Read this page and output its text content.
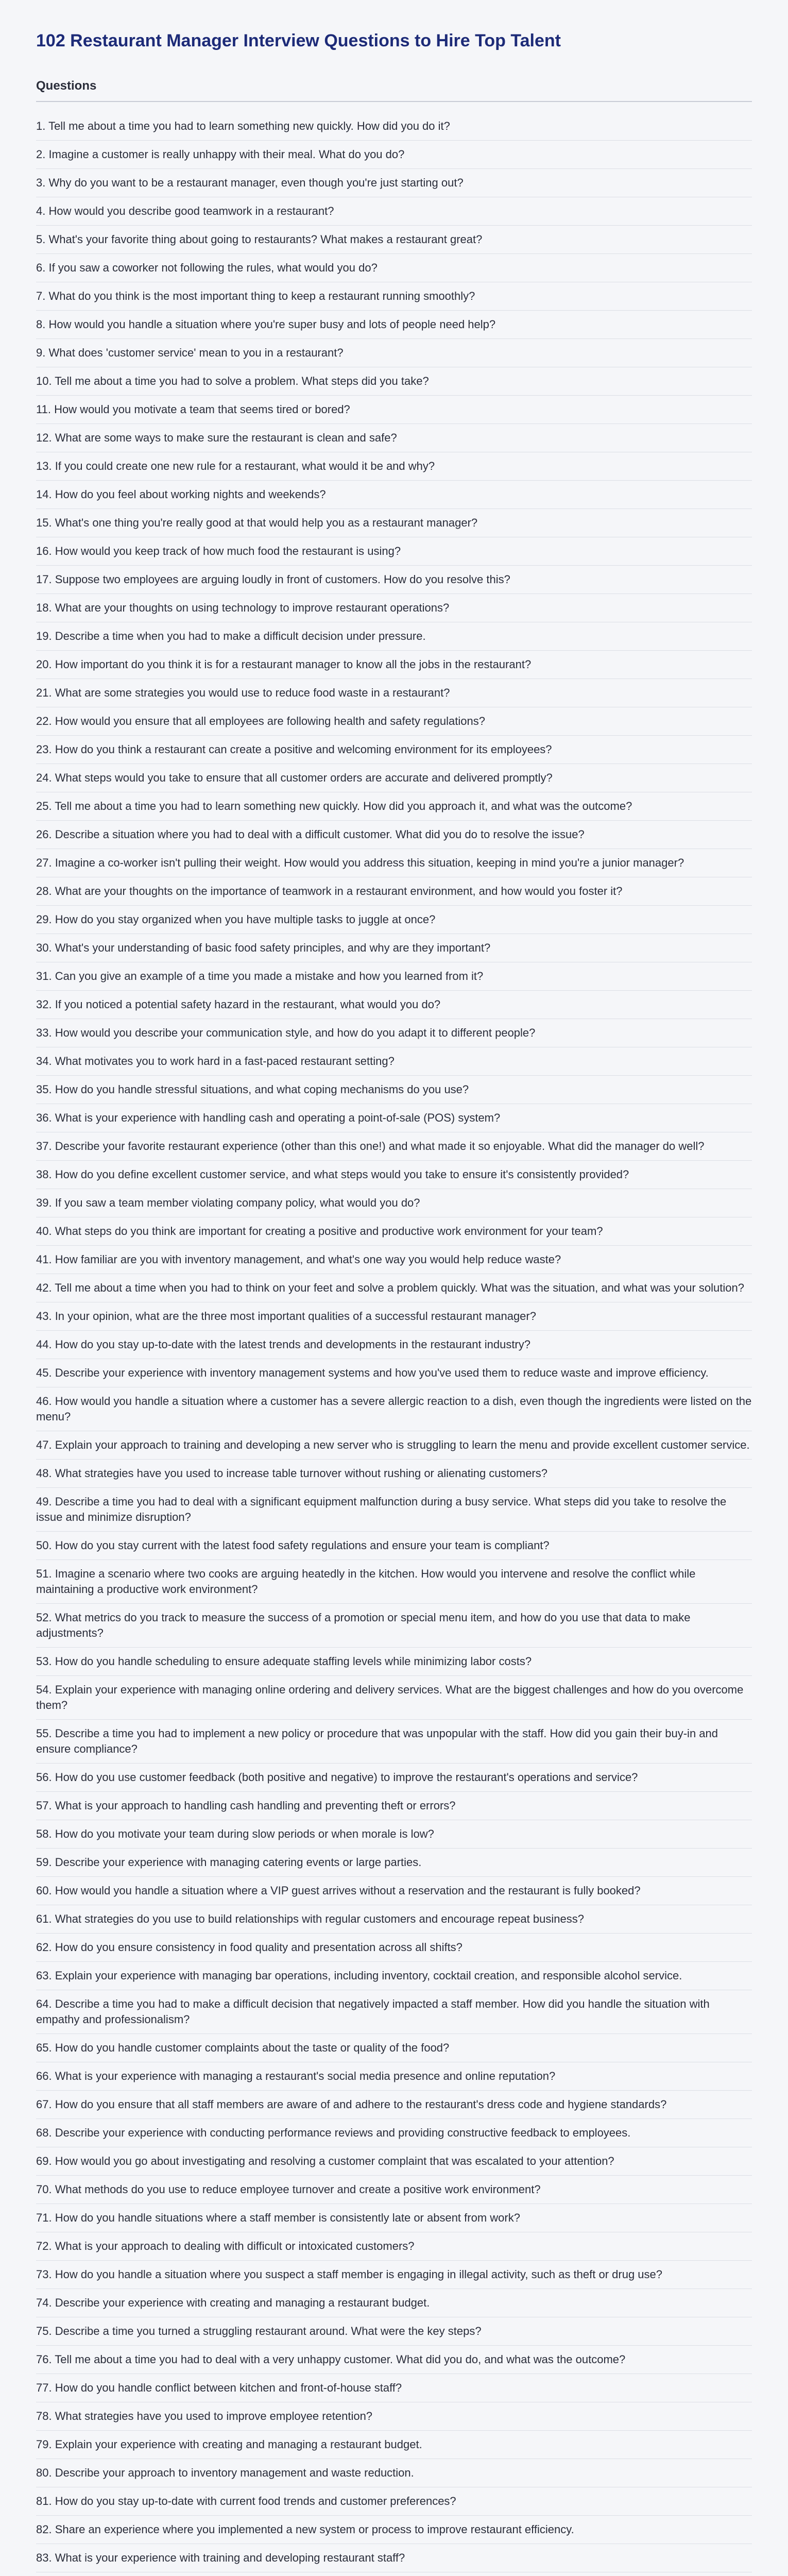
102 Restaurant Manager Interview Questions to Hire Top Talent
Questions
1. Tell me about a time you had to learn something new quickly. How did you do it?
2. Imagine a customer is really unhappy with their meal. What do you do?
3. Why do you want to be a restaurant manager, even though you're just starting out?
4. How would you describe good teamwork in a restaurant?
5. What's your favorite thing about going to restaurants? What makes a restaurant great?
6. If you saw a coworker not following the rules, what would you do?
7. What do you think is the most important thing to keep a restaurant running smoothly?
8. How would you handle a situation where you're super busy and lots of people need help?
9. What does 'customer service' mean to you in a restaurant?
10. Tell me about a time you had to solve a problem. What steps did you take?
11. How would you motivate a team that seems tired or bored?
12. What are some ways to make sure the restaurant is clean and safe?
13. If you could create one new rule for a restaurant, what would it be and why?
14. How do you feel about working nights and weekends?
15. What's one thing you're really good at that would help you as a restaurant manager?
16. How would you keep track of how much food the restaurant is using?
17. Suppose two employees are arguing loudly in front of customers. How do you resolve this?
18. What are your thoughts on using technology to improve restaurant operations?
19. Describe a time when you had to make a difficult decision under pressure.
20. How important do you think it is for a restaurant manager to know all the jobs in the restaurant?
21. What are some strategies you would use to reduce food waste in a restaurant?
22. How would you ensure that all employees are following health and safety regulations?
23. How do you think a restaurant can create a positive and welcoming environment for its employees?
24. What steps would you take to ensure that all customer orders are accurate and delivered promptly?
25. Tell me about a time you had to learn something new quickly. How did you approach it, and what was the outcome?
26. Describe a situation where you had to deal with a difficult customer. What did you do to resolve the issue?
27. Imagine a co-worker isn't pulling their weight. How would you address this situation, keeping in mind you're a junior manager?
28. What are your thoughts on the importance of teamwork in a restaurant environment, and how would you foster it?
29. How do you stay organized when you have multiple tasks to juggle at once?
30. What's your understanding of basic food safety principles, and why are they important?
31. Can you give an example of a time you made a mistake and how you learned from it?
32. If you noticed a potential safety hazard in the restaurant, what would you do?
33. How would you describe your communication style, and how do you adapt it to different people?
34. What motivates you to work hard in a fast-paced restaurant setting?
35. How do you handle stressful situations, and what coping mechanisms do you use?
36. What is your experience with handling cash and operating a point-of-sale (POS) system?
37. Describe your favorite restaurant experience (other than this one!) and what made it so enjoyable. What did the manager do well?
38. How do you define excellent customer service, and what steps would you take to ensure it's consistently provided?
39. If you saw a team member violating company policy, what would you do?
40. What steps do you think are important for creating a positive and productive work environment for your team?
41. How familiar are you with inventory management, and what's one way you would help reduce waste?
42. Tell me about a time when you had to think on your feet and solve a problem quickly. What was the situation, and what was your solution?
43. In your opinion, what are the three most important qualities of a successful restaurant manager?
44. How do you stay up-to-date with the latest trends and developments in the restaurant industry?
45. Describe your experience with inventory management systems and how you've used them to reduce waste and improve efficiency.
46. How would you handle a situation where a customer has a severe allergic reaction to a dish, even though the ingredients were listed on the menu?
47. Explain your approach to training and developing a new server who is struggling to learn the menu and provide excellent customer service.
48. What strategies have you used to increase table turnover without rushing or alienating customers?
49. Describe a time you had to deal with a significant equipment malfunction during a busy service. What steps did you take to resolve the issue and minimize disruption?
50. How do you stay current with the latest food safety regulations and ensure your team is compliant?
51. Imagine a scenario where two cooks are arguing heatedly in the kitchen. How would you intervene and resolve the conflict while maintaining a productive work environment?
52. What metrics do you track to measure the success of a promotion or special menu item, and how do you use that data to make adjustments?
53. How do you handle scheduling to ensure adequate staffing levels while minimizing labor costs?
54. Explain your experience with managing online ordering and delivery services. What are the biggest challenges and how do you overcome them?
55. Describe a time you had to implement a new policy or procedure that was unpopular with the staff. How did you gain their buy-in and ensure compliance?
56. How do you use customer feedback (both positive and negative) to improve the restaurant's operations and service?
57. What is your approach to handling cash handling and preventing theft or errors?
58. How do you motivate your team during slow periods or when morale is low?
59. Describe your experience with managing catering events or large parties.
60. How would you handle a situation where a VIP guest arrives without a reservation and the restaurant is fully booked?
61. What strategies do you use to build relationships with regular customers and encourage repeat business?
62. How do you ensure consistency in food quality and presentation across all shifts?
63. Explain your experience with managing bar operations, including inventory, cocktail creation, and responsible alcohol service.
64. Describe a time you had to make a difficult decision that negatively impacted a staff member. How did you handle the situation with empathy and professionalism?
65. How do you handle customer complaints about the taste or quality of the food?
66. What is your experience with managing a restaurant's social media presence and online reputation?
67. How do you ensure that all staff members are aware of and adhere to the restaurant's dress code and hygiene standards?
68. Describe your experience with conducting performance reviews and providing constructive feedback to employees.
69. How would you go about investigating and resolving a customer complaint that was escalated to your attention?
70. What methods do you use to reduce employee turnover and create a positive work environment?
71. How do you handle situations where a staff member is consistently late or absent from work?
72. What is your approach to dealing with difficult or intoxicated customers?
73. How do you handle a situation where you suspect a staff member is engaging in illegal activity, such as theft or drug use?
74. Describe your experience with creating and managing a restaurant budget.
75. Describe a time you turned a struggling restaurant around. What were the key steps?
76. Tell me about a time you had to deal with a very unhappy customer. What did you do, and what was the outcome?
77. How do you handle conflict between kitchen and front-of-house staff?
78. What strategies have you used to improve employee retention?
79. Explain your experience with creating and managing a restaurant budget.
80. Describe your approach to inventory management and waste reduction.
81. How do you stay up-to-date with current food trends and customer preferences?
82. Share an experience where you implemented a new system or process to improve restaurant efficiency.
83. What is your experience with training and developing restaurant staff?
